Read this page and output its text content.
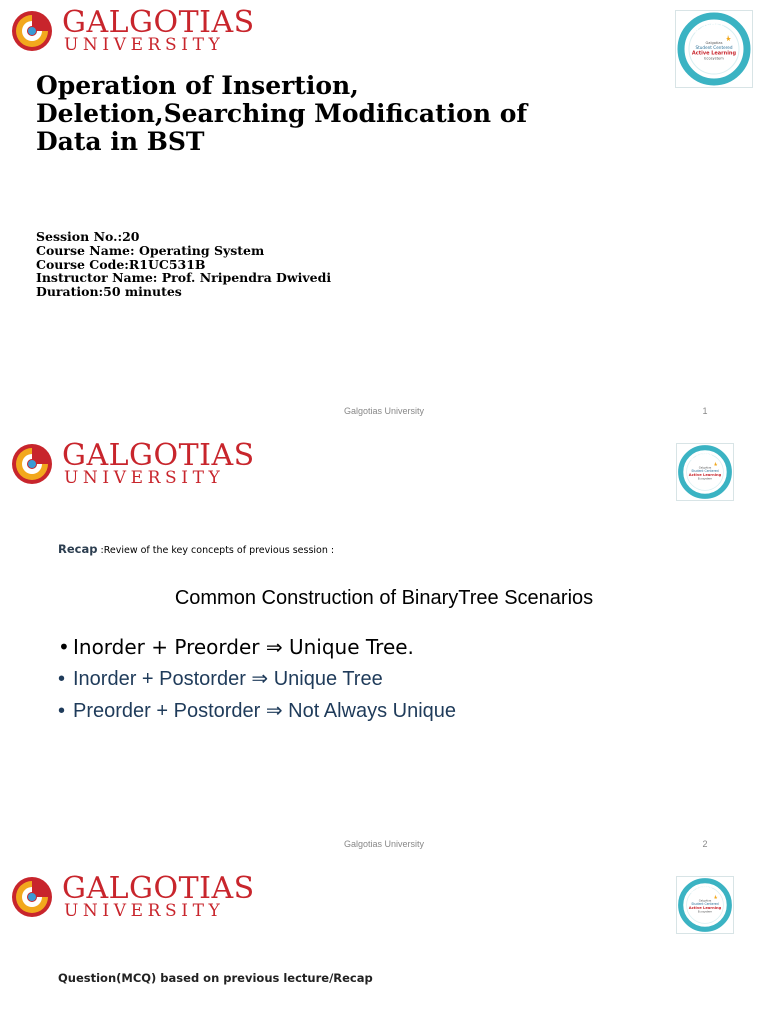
GALGOTIAS
UNIVERSITY
G-SCALE
Galgotias
Student Centered
Active Learning
Ecosystem
Operation of Insertion,
Deletion,Searching Modification of
Data in BST
Session No.:20
Course Name: Operating System
Course Code:R1UC531B
Instructor Name: Prof. Nripendra Dwivedi
Duration:50 minutes
Galgotias University	1
GALGOTIAS
UNIVERSITY
G-SCALE
Galgotias
Student Centered
Active Learning
Ecosystem
Recap :Review of the key concepts of previous session :
Common Construction of BinaryTree Scenarios
• Inorder + Preorder ⇒ Unique Tree.
• Inorder + Postorder ⇒ Unique Tree
• Preorder + Postorder ⇒ Not Always Unique
Galgotias University	2
GALGOTIAS
UNIVERSITY
G-SCALE
Galgotias
Student Centered
Active Learning
Ecosystem
Question(MCQ) based on previous lecture/Recap
